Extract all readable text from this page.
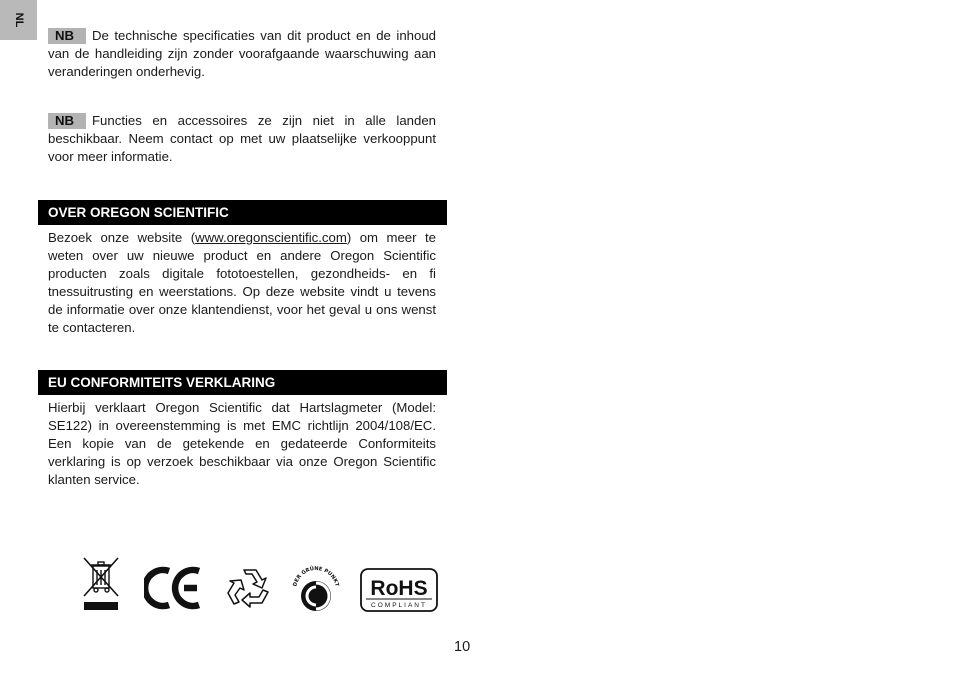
NL

NB De technische specificaties van dit product en de inhoud van de handleiding zijn zonder voorafgaande waarschuwing aan veranderingen onderhevig.

NB Functies en accessoires ze zijn niet in alle landen beschikbaar. Neem contact op met uw plaatselijke verkooppunt voor meer informatie.

OVER OREGON SCIENTIFIC

Bezoek onze website (www.oregonscientific.com) om meer te weten over uw nieuwe product en andere Oregon Scientific producten zoals digitale fototoestellen, gezondheids- en fi tnessuitrusting en weerstations. Op deze website vindt u tevens de informatie over onze klantendienst, voor het geval u ons wenst te contacteren.

EU CONFORMITEITS VERKLARING

Hierbij verklaart Oregon Scientific dat Hartslagmeter (Model: SE122) in overeenstemming is met EMC richtlijn 2004/108/EC. Een kopie van de getekende en gedateerde Conformiteits verklaring is op verzoek beschikbaar via onze Oregon Scientific klanten service.

DER GRÜNE PUNKT RoHS
COMPLIANT
10
